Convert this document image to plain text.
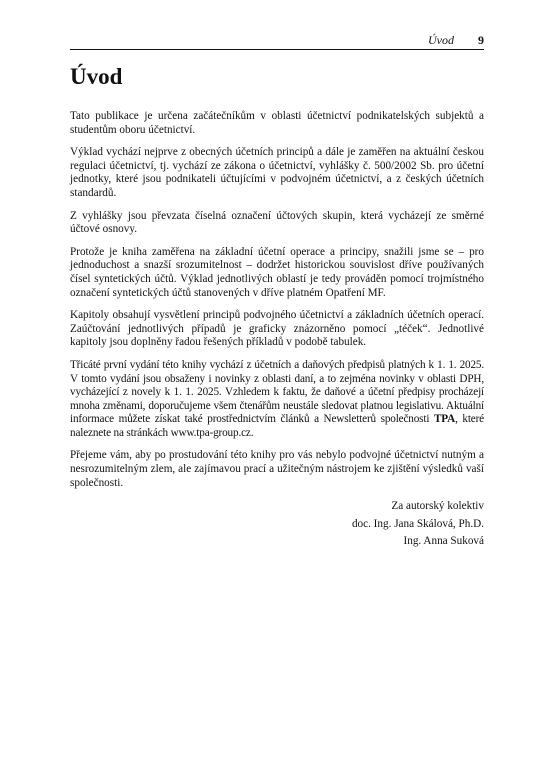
Úvod 9
Úvod

Tato publikace je určena začátečníkům v oblasti účetnictví podnikatelských subjektů a studentům oboru účetnictví.

Výklad vychází nejprve z obecných účetních principů a dále je zaměřen na aktuální českou regulaci účetnictví, tj. vychází ze zákona o účetnictví, vyhlášky č. 500/2002 Sb. pro účetní jednotky, které jsou podnikateli účtujícími v podvojném účetnictví, a z českých účetních standardů.

Z vyhlášky jsou převzata číselná označení účtových skupin, která vycházejí ze směrné účtové osnovy.

Protože je kniha zaměřena na základní účetní operace a principy, snažili jsme se – pro jednoduchost a snazší srozumitelnost – dodržet historickou souvislost dříve používaných čísel syntetických účtů. Výklad jednotlivých oblastí je tedy prováděn pomocí trojmístného označení syntetických účtů stanovených v dříve platném Opatření MF.

Kapitoly obsahují vysvětlení principů podvojného účetnictví a základních účetních operací. Zaúčtování jednotlivých případů je graficky znázorněno pomocí „téček“. Jednotlivé kapitoly jsou doplněny řadou řešených příkladů v podobě tabulek.

Třicáté první vydání této knihy vychází z účetních a daňových předpisů platných k 1. 1. 2025. V tomto vydání jsou obsaženy i novinky z oblasti daní, a to zejména novinky v oblasti DPH, vycházející z novely k 1. 1. 2025. Vzhledem k faktu, že daňové a účetní předpisy procházejí mnoha změnami, doporučujeme všem čtenářům neustále sledovat platnou legislativu. Aktuální informace můžete získat také prostřednictvím článků a Newsletterů společnosti TPA, které naleznete na stránkách www.tpa-group.cz.

Přejeme vám, aby po prostudování této knihy pro vás nebylo podvojné účetnictví nutným a nesrozumitelným zlem, ale zajímavou prací a užitečným nástrojem ke zjištění výsledků vaší společnosti.

Za autorský kolektiv
doc. Ing. Jana Skálová, Ph.D.
Ing. Anna Suková
